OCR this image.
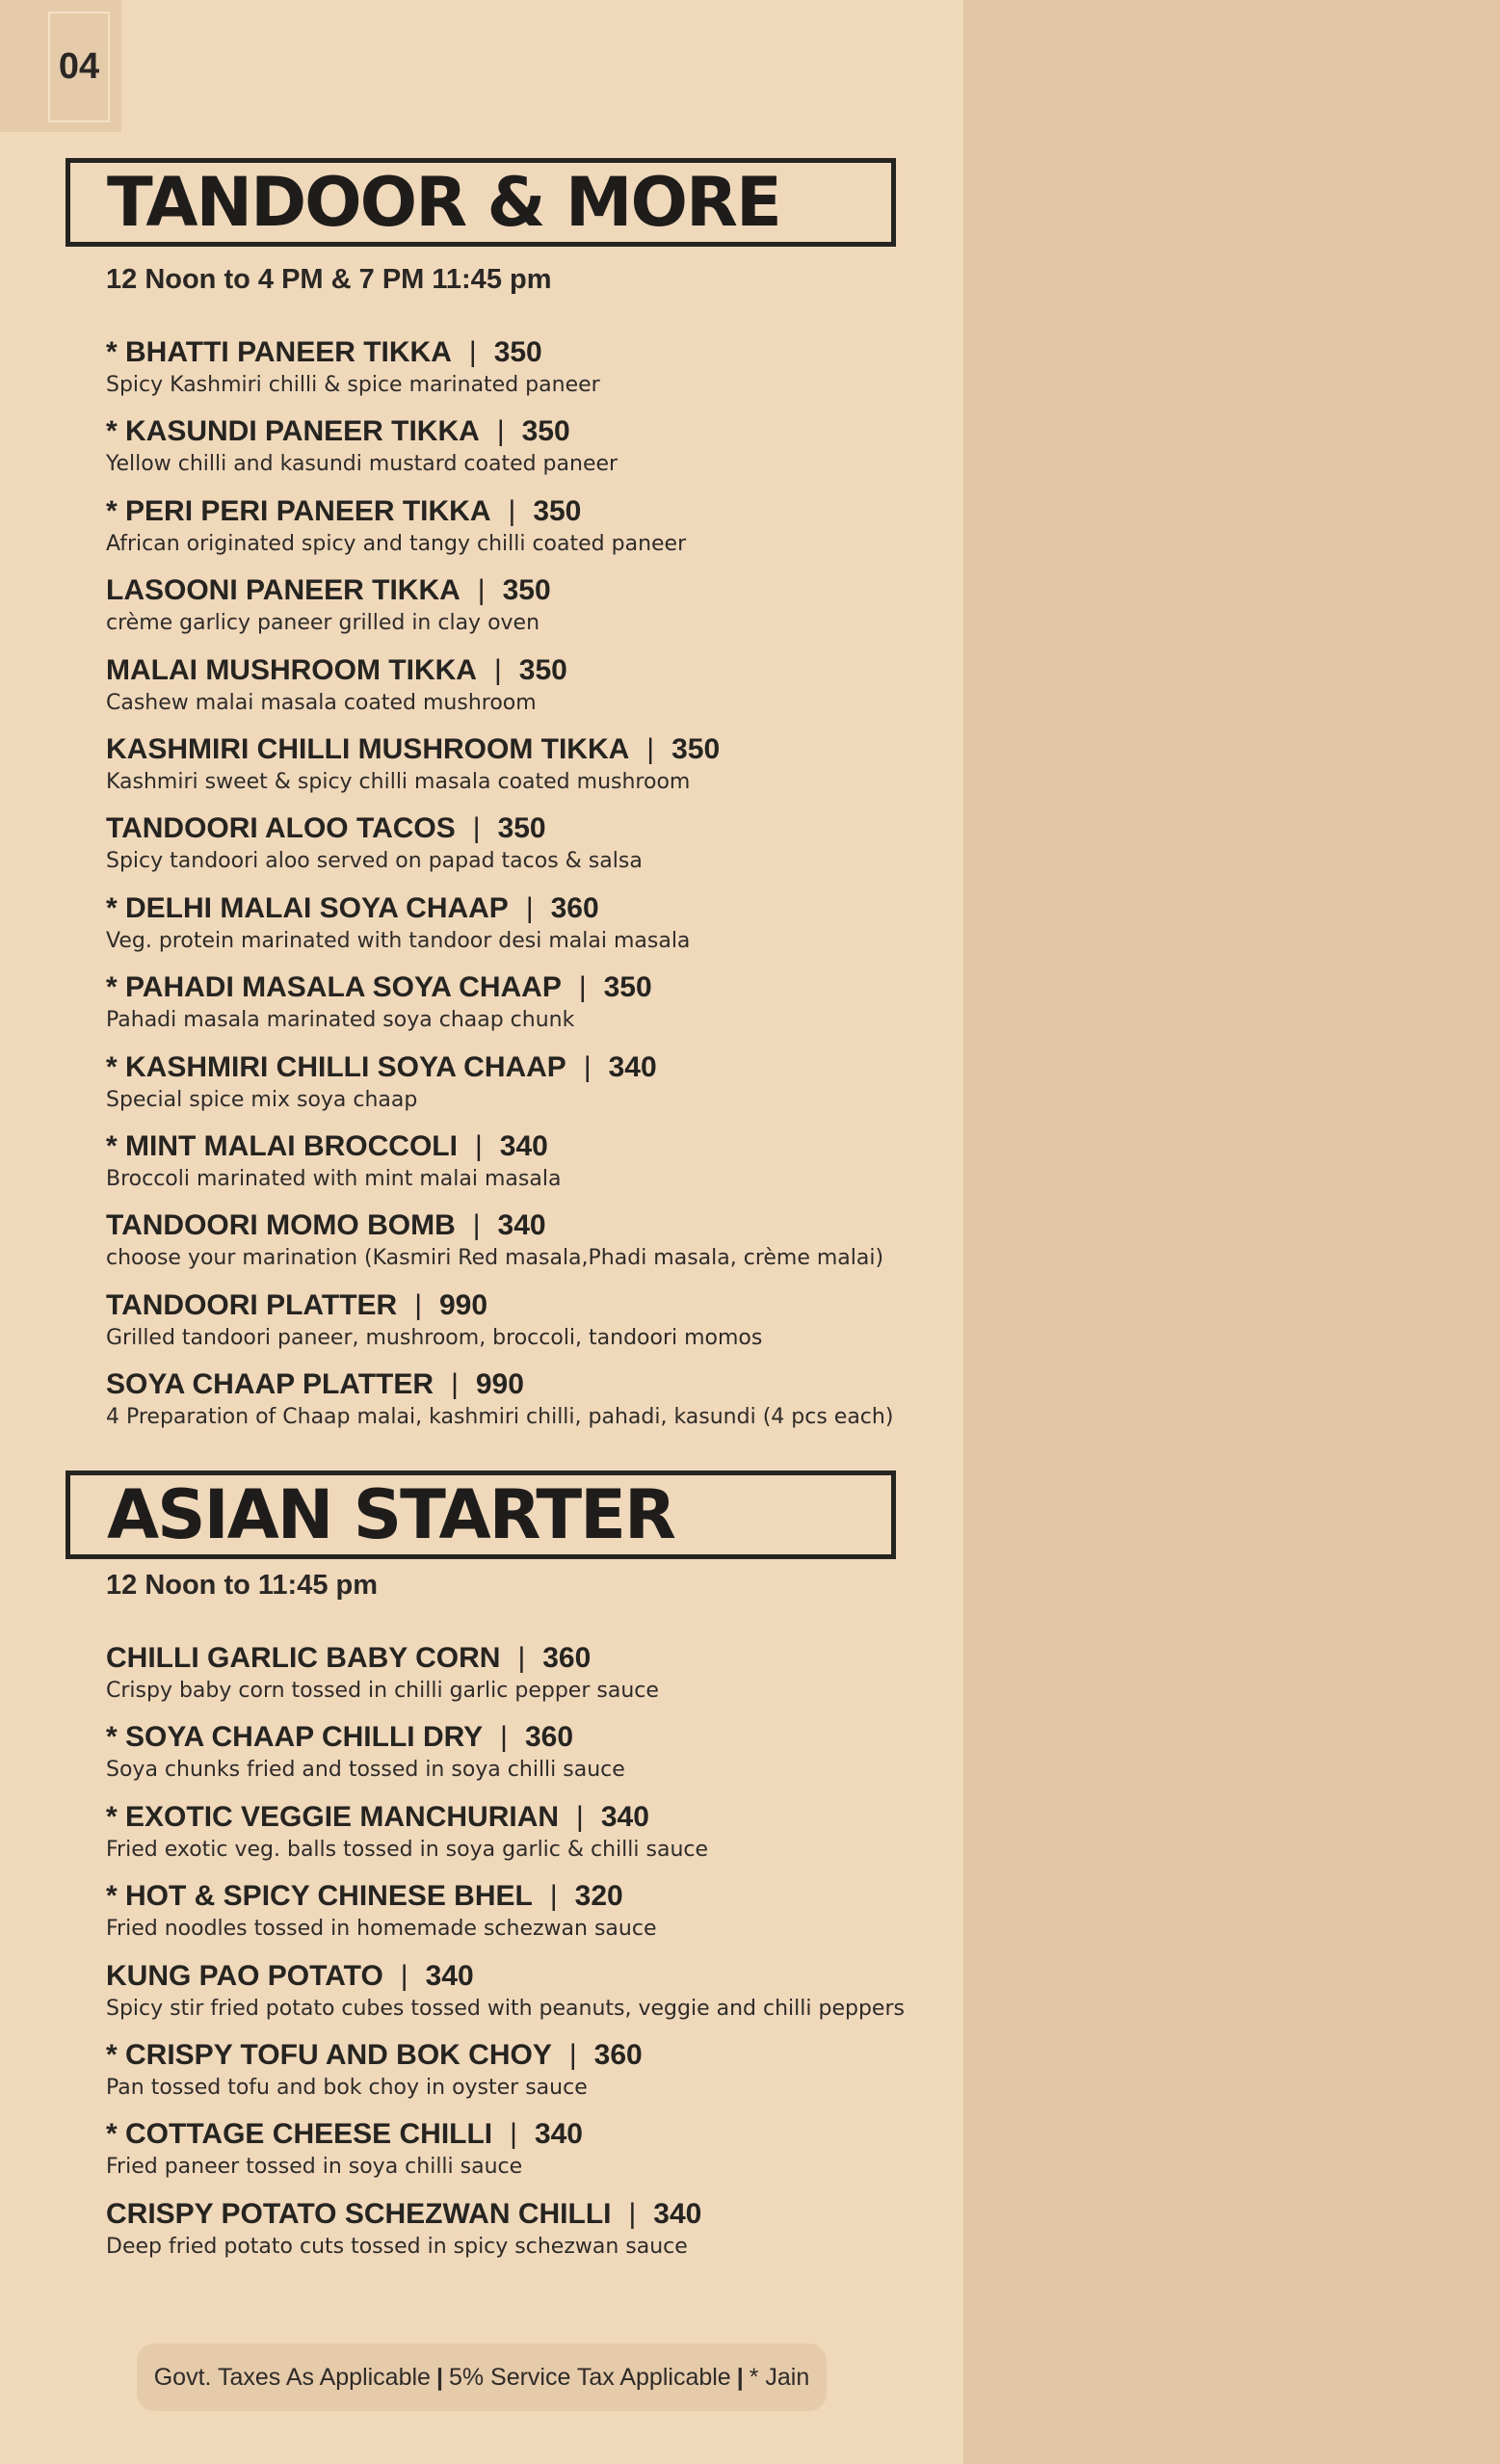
04
TANDOOR & MORE
12 Noon to 4 PM & 7 PM 11:45 pm
* BHATTI PANEER TIKKA | 350
Spicy Kashmiri chilli & spice marinated paneer
* KASUNDI PANEER TIKKA | 350
Yellow chilli and kasundi mustard coated paneer
* PERI PERI PANEER TIKKA | 350
African originated spicy and tangy chilli coated paneer
LASOONI PANEER TIKKA | 350
crème garlicy paneer grilled in clay oven
MALAI MUSHROOM TIKKA | 350
Cashew malai masala coated mushroom
KASHMIRI CHILLI MUSHROOM TIKKA | 350
Kashmiri sweet & spicy chilli masala coated mushroom
TANDOORI ALOO TACOS | 350
Spicy tandoori aloo served on papad tacos & salsa
* DELHI MALAI SOYA CHAAP | 360
Veg. protein marinated with tandoor desi malai masala
* PAHADI MASALA SOYA CHAAP | 350
Pahadi masala marinated soya chaap chunk
* KASHMIRI CHILLI SOYA CHAAP | 340
Special spice mix soya chaap
* MINT MALAI BROCCOLI | 340
Broccoli marinated with mint malai masala
TANDOORI MOMO BOMB | 340
choose your marination (Kasmiri Red masala,Phadi masala, crème malai)
TANDOORI PLATTER | 990
Grilled tandoori paneer, mushroom, broccoli, tandoori momos
SOYA CHAAP PLATTER | 990
4 Preparation of Chaap malai, kashmiri chilli, pahadi, kasundi (4 pcs each)
ASIAN STARTER
12 Noon to 11:45 pm
CHILLI GARLIC BABY CORN | 360
Crispy baby corn tossed in chilli garlic pepper sauce
* SOYA CHAAP CHILLI DRY | 360
Soya chunks fried and tossed in soya chilli sauce
* EXOTIC VEGGIE MANCHURIAN | 340
Fried exotic veg. balls tossed in soya garlic & chilli sauce
* HOT & SPICY CHINESE BHEL | 320
Fried noodles tossed in homemade schezwan sauce
KUNG PAO POTATO | 340
Spicy stir fried potato cubes tossed with peanuts, veggie and chilli peppers
* CRISPY TOFU AND BOK CHOY | 360
Pan tossed tofu and bok choy in oyster sauce
* COTTAGE CHEESE CHILLI | 340
Fried paneer tossed in soya chilli sauce
CRISPY POTATO SCHEZWAN CHILLI | 340
Deep fried potato cuts tossed in spicy schezwan sauce
Govt. Taxes As Applicable | 5% Service Tax Applicable | * Jain
